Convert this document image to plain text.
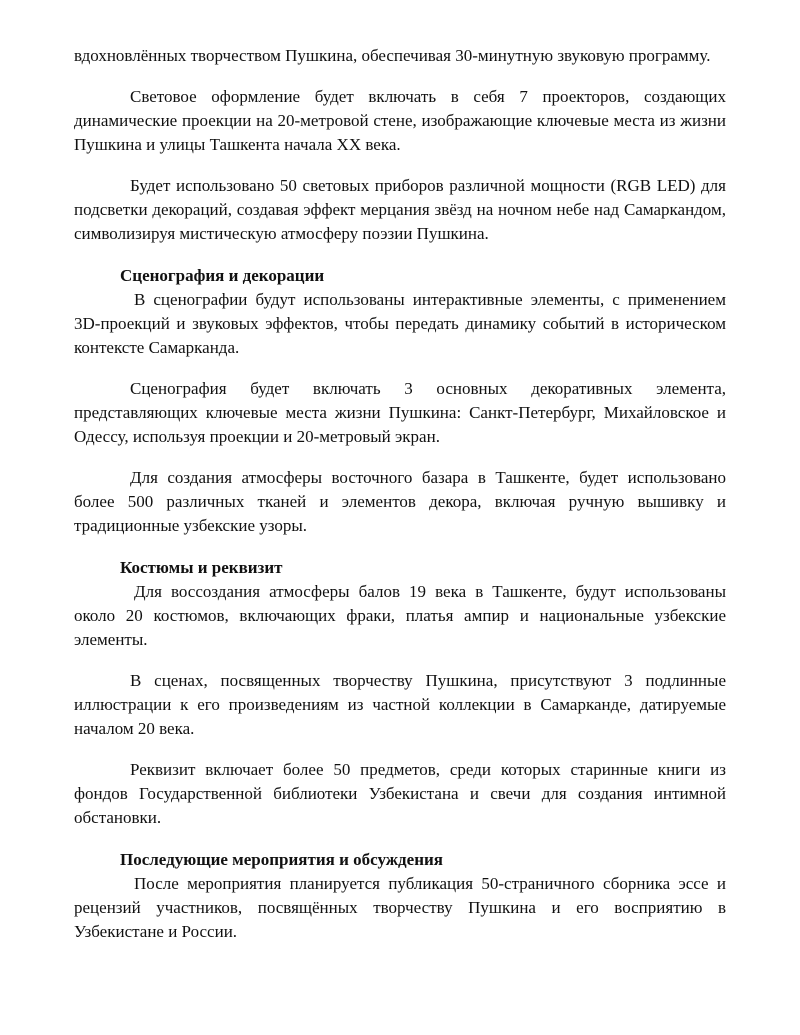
вдохновлённых творчеством Пушкина, обеспечивая 30-минутную звуковую программу.

Световое оформление будет включать в себя 7 проекторов, создающих динамические проекции на 20-метровой стене, изображающие ключевые места из жизни Пушкина и улицы Ташкента начала XX века.

Будет использовано 50 световых приборов различной мощности (RGB LED) для подсветки декораций, создавая эффект мерцания звёзд на ночном небе над Самаркандом, символизируя мистическую атмосферу поэзии Пушкина.

Сценография и декорации

В сценографии будут использованы интерактивные элементы, с применением 3D-проекций и звуковых эффектов, чтобы передать динамику событий в историческом контексте Самарканда.

Сценография будет включать 3 основных декоративных элемента, представляющих ключевые места жизни Пушкина: Санкт-Петербург, Михайловское и Одессу, используя проекции и 20-метровый экран.

Для создания атмосферы восточного базара в Ташкенте, будет использовано более 500 различных тканей и элементов декора, включая ручную вышивку и традиционные узбекские узоры.

Костюмы и реквизит

Для воссоздания атмосферы балов 19 века в Ташкенте, будут использованы около 20 костюмов, включающих фраки, платья ампир и национальные узбекские элементы.

В сценах, посвященных творчеству Пушкина, присутствуют 3 подлинные иллюстрации к его произведениям из частной коллекции в Самарканде, датируемые началом 20 века.

Реквизит включает более 50 предметов, среди которых старинные книги из фондов Государственной библиотеки Узбекистана и свечи для создания интимной обстановки.

Последующие мероприятия и обсуждения

После мероприятия планируется публикация 50-страничного сборника эссе и рецензий участников, посвящённых творчеству Пушкина и его восприятию в Узбекистане и России.
